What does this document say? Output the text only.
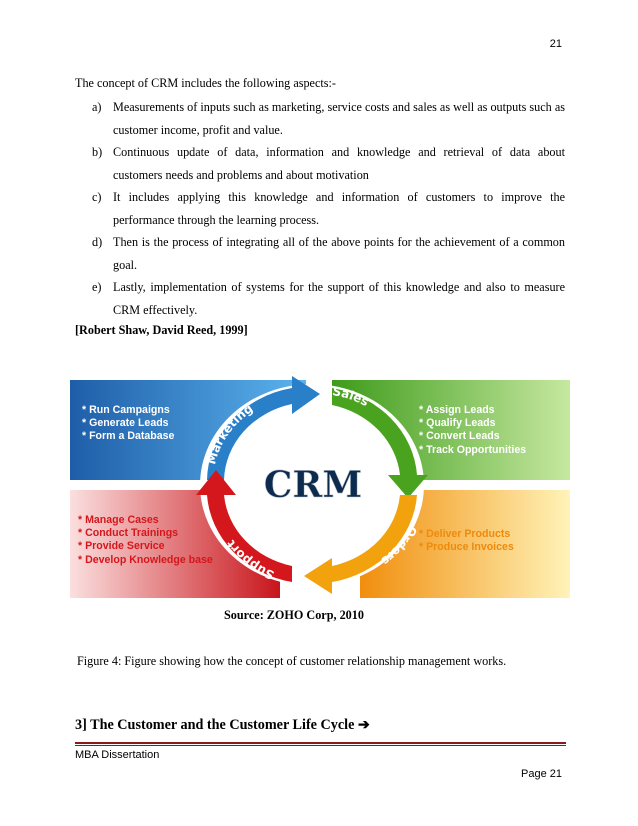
21

The concept of CRM includes the following aspects:-

a) Measurements of inputs such as marketing, service costs and sales as well as outputs such as customer income, profit and value.
b) Continuous update of data, information and knowledge and retrieval of data about customers needs and problems and about motivation
c) It includes applying this knowledge and information of customers to improve the performance through the learning process.
d) Then is the process of integrating all of the above points for the achievement of a common goal.
e) Lastly, implementation of systems for the support of this knowledge and also to measure CRM effectively.
[Robert Shaw, David Reed, 1999]
Marketing
Sales
Orders
Support
CRM
* Run Campaigns
* Generate Leads
* Form a Database
* Assign Leads
* Qualify Leads
* Convert Leads
* Track Opportunities
* Manage Cases
* Conduct Trainings
* Provide Service
* Develop Knowledge base
* Deliver Products
* Produce Invoices
Source: ZOHO Corp, 2010
Figure 4: Figure showing how the concept of customer relationship management works.
3] The Customer and the Customer Life Cycle ➔
MBA Dissertation
Page 21
